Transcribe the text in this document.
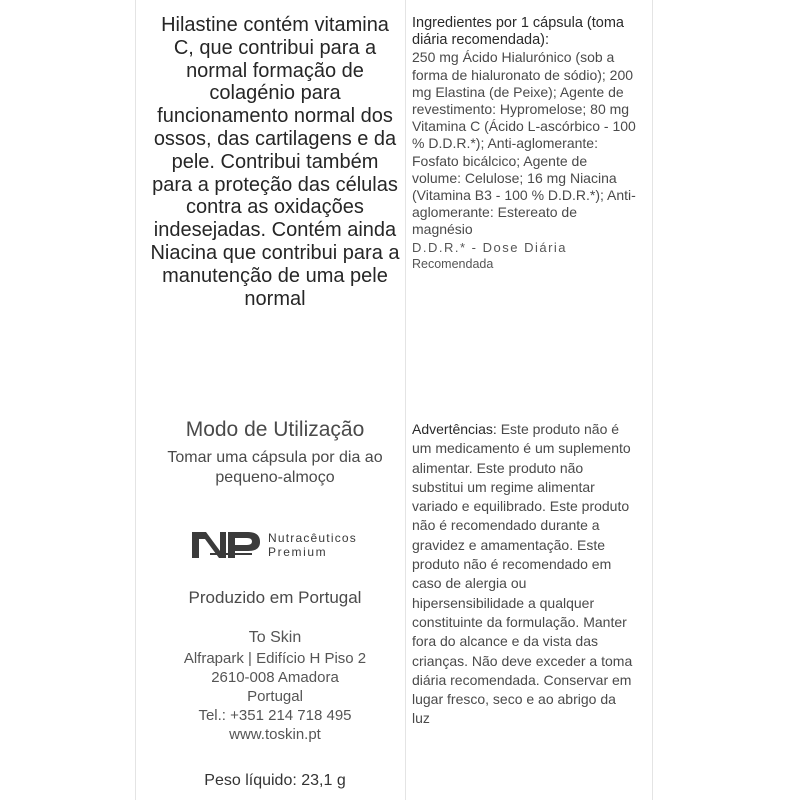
Hilastine contém vitamina C, que contribui para a normal formação de colagénio para funcionamento normal dos ossos, das cartilagens e da pele. Contribui também para a proteção das células contra as oxidações indesejadas. Contém ainda Niacina que contribui para a manutenção de uma pele normal

Modo de Utilização
Tomar uma cápsula por dia ao pequeno-almoço
Nutracêuticos
Premium
Produzido em Portugal
To Skin
Alfrapark | Edifício H Piso 2
2610-008 Amadora
Portugal
Tel.: +351 214 718 495
www.toskin.pt
Peso líquido: 23,1 g
Ingredientes por 1 cápsula (toma diária recomendada):
250 mg Ácido Hialurónico (sob a forma de hialuronato de sódio); 200 mg Elastina (de Peixe); Agente de revestimento: Hypromelose; 80 mg Vitamina C (Ácido L-ascórbico - 100 % D.D.R.*); Anti-aglomerante: Fosfato bicálcico; Agente de volume: Celulose; 16 mg Niacina (Vitamina B3 - 100 % D.D.R.*); Anti-aglomerante: Estereato de magnésio
D.D.R.* - Dose Diária
Recomendada
Advertências: Este produto não é um medicamento é um suplemento alimentar. Este produto não substitui um regime alimentar variado e equilibrado. Este produto não é recomendado durante a gravidez e amamentação. Este produto não é recomendado em caso de alergia ou hipersensibilidade a qualquer constituinte da formulação. Manter fora do alcance e da vista das crianças. Não deve exceder a toma diária recomendada. Conservar em lugar fresco, seco e ao abrigo da luz
